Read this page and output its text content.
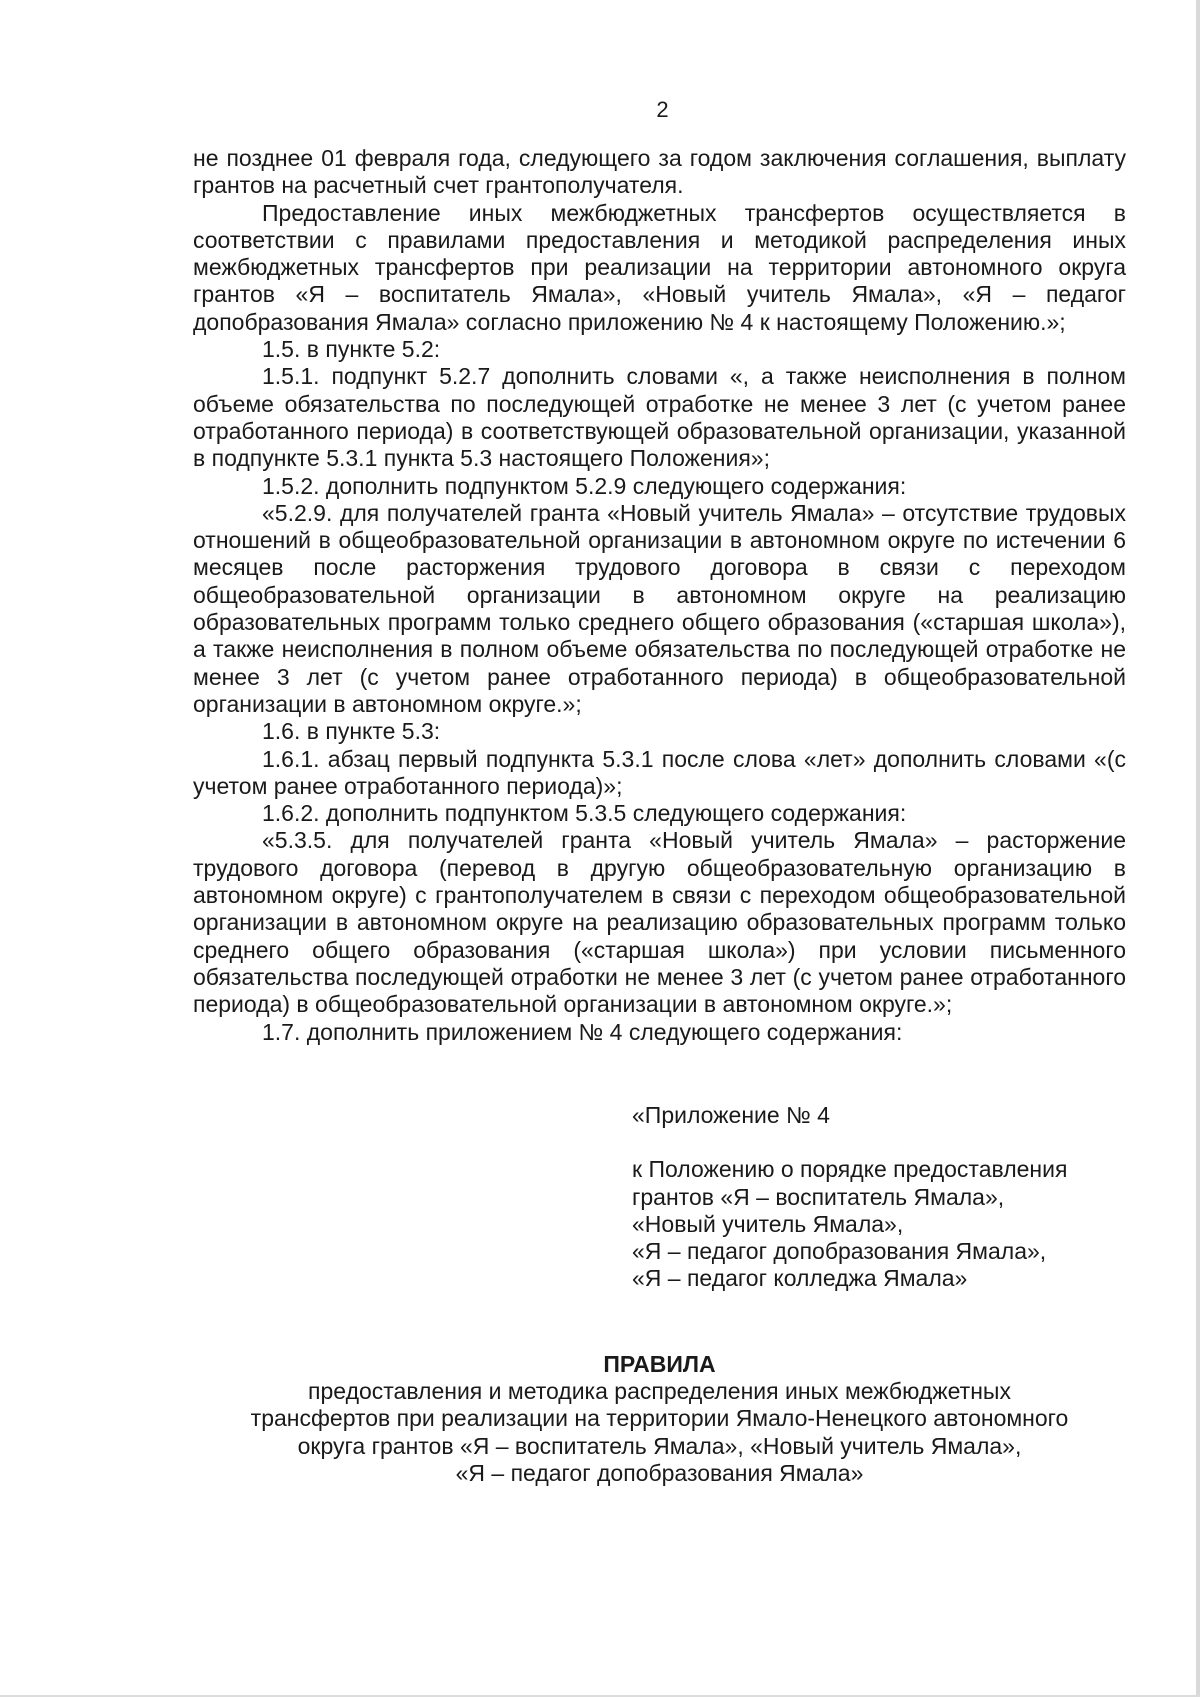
2

не позднее 01 февраля года, следующего за годом заключения соглашения, выплату грантов на расчетный счет грантополучателя.

Предоставление иных межбюджетных трансфертов осуществляется в соответствии с правилами предоставления и методикой распределения иных межбюджетных трансфертов при реализации на территории автономного округа грантов «Я – воспитатель Ямала», «Новый учитель Ямала», «Я – педагог допобразования Ямала» согласно приложению № 4 к настоящему Положению.»;

1.5. в пункте 5.2:

1.5.1. подпункт 5.2.7 дополнить словами «, а также неисполнения в полном объеме обязательства по последующей отработке не менее 3 лет (с учетом ранее отработанного периода) в соответствующей образовательной организации, указанной в подпункте 5.3.1 пункта 5.3 настоящего Положения»;

1.5.2. дополнить подпунктом 5.2.9 следующего содержания:

«5.2.9. для получателей гранта «Новый учитель Ямала» – отсутствие трудовых отношений в общеобразовательной организации в автономном округе по истечении 6 месяцев после расторжения трудового договора в связи с переходом общеобразовательной организации в автономном округе на реализацию образовательных программ только среднего общего образования («старшая школа»), а также неисполнения в полном объеме обязательства по последующей отработке не менее 3 лет (с учетом ранее отработанного периода) в общеобразовательной организации в автономном округе.»;

1.6. в пункте 5.3:

1.6.1. абзац первый подпункта 5.3.1 после слова «лет» дополнить словами «(с учетом ранее отработанного периода)»;

1.6.2. дополнить подпунктом 5.3.5 следующего содержания:

«5.3.5. для получателей гранта «Новый учитель Ямала» – расторжение трудового договора (перевод в другую общеобразовательную организацию в автономном округе) с грантополучателем в связи с переходом общеобразовательной организации в автономном округе на реализацию образовательных программ только среднего общего образования («старшая школа») при условии письменного обязательства последующей отработки не менее 3 лет (с учетом ранее отработанного периода) в общеобразовательной организации в автономном округе.»;

1.7. дополнить приложением № 4 следующего содержания:

«Приложение № 4

к Положению о порядке предоставления

грантов «Я – воспитатель Ямала»,

«Новый учитель Ямала»,

«Я – педагог допобразования Ямала»,

«Я – педагог колледжа Ямала»

ПРАВИЛА

предоставления и методика распределения иных межбюджетных

трансфертов при реализации на территории Ямало-Ненецкого автономного

округа грантов «Я – воспитатель Ямала», «Новый учитель Ямала»,

«Я – педагог допобразования Ямала»
